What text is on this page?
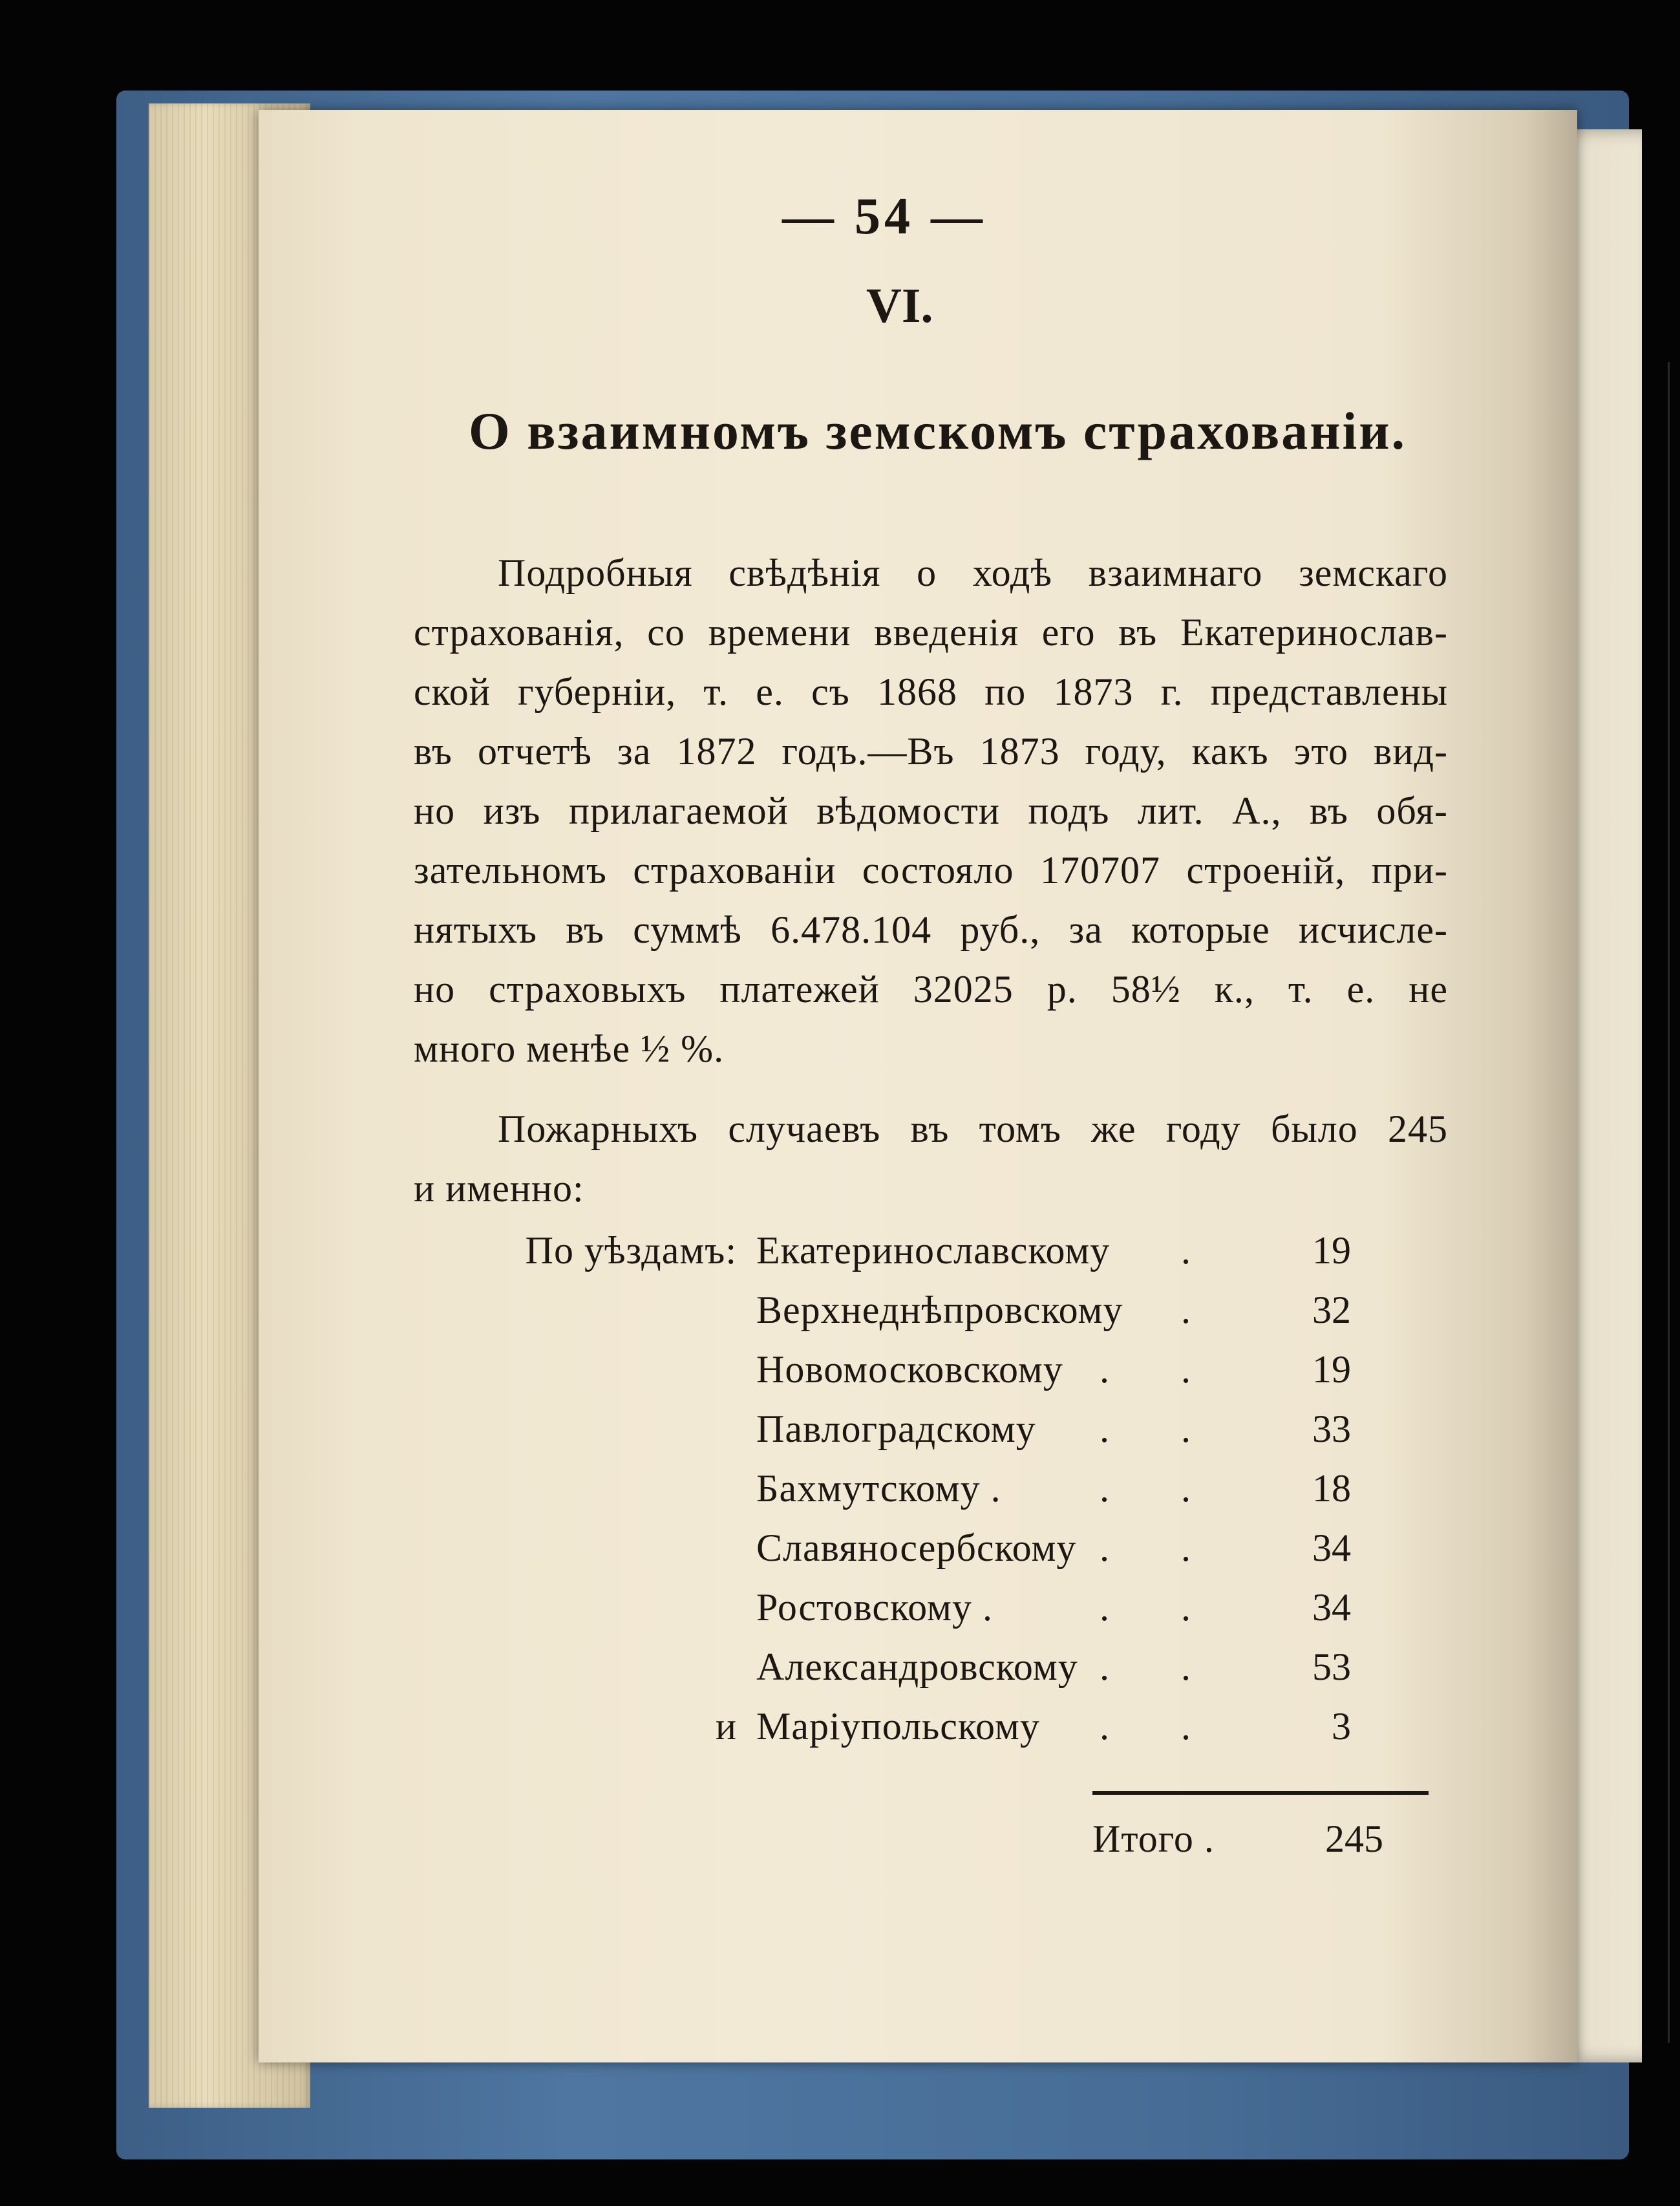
— 54 —
VI.
О взаимномъ земскомъ страхованіи.
Подробныя свѣдѣнія о ходѣ взаимнаго земскаго
страхованія, со времени введенія его въ Екатеринослав-
ской губерніи, т. е. съ 1868 по 1873 г. представлены
въ отчетѣ за 1872 годъ.—Въ 1873 году, какъ это вид-
но изъ прилагаемой вѣдомости подъ лит. А., въ обя-
зательномъ страхованіи состояло 170707 строеній, при-
нятыхъ въ суммѣ 6.478.104 руб., за которые исчисле-
но страховыхъ платежей 32025 р. 58½ к., т. е. не
много менѣе ½ %.
Пожарныхъ случаевъ въ томъ же году было 245
и именно:
По уѣздамъ: Екатеринославскому	.	19
Верхнеднѣпровскому	.	32
Новомосковскому . .	19
Павлоградскому . .	33
Бахмутскому .	. .	18
Славяносербскому . .	34
Ростовскому .	. .	34
Александровскому . .	53
и Маріупольскому . .	3
Итого .	245
